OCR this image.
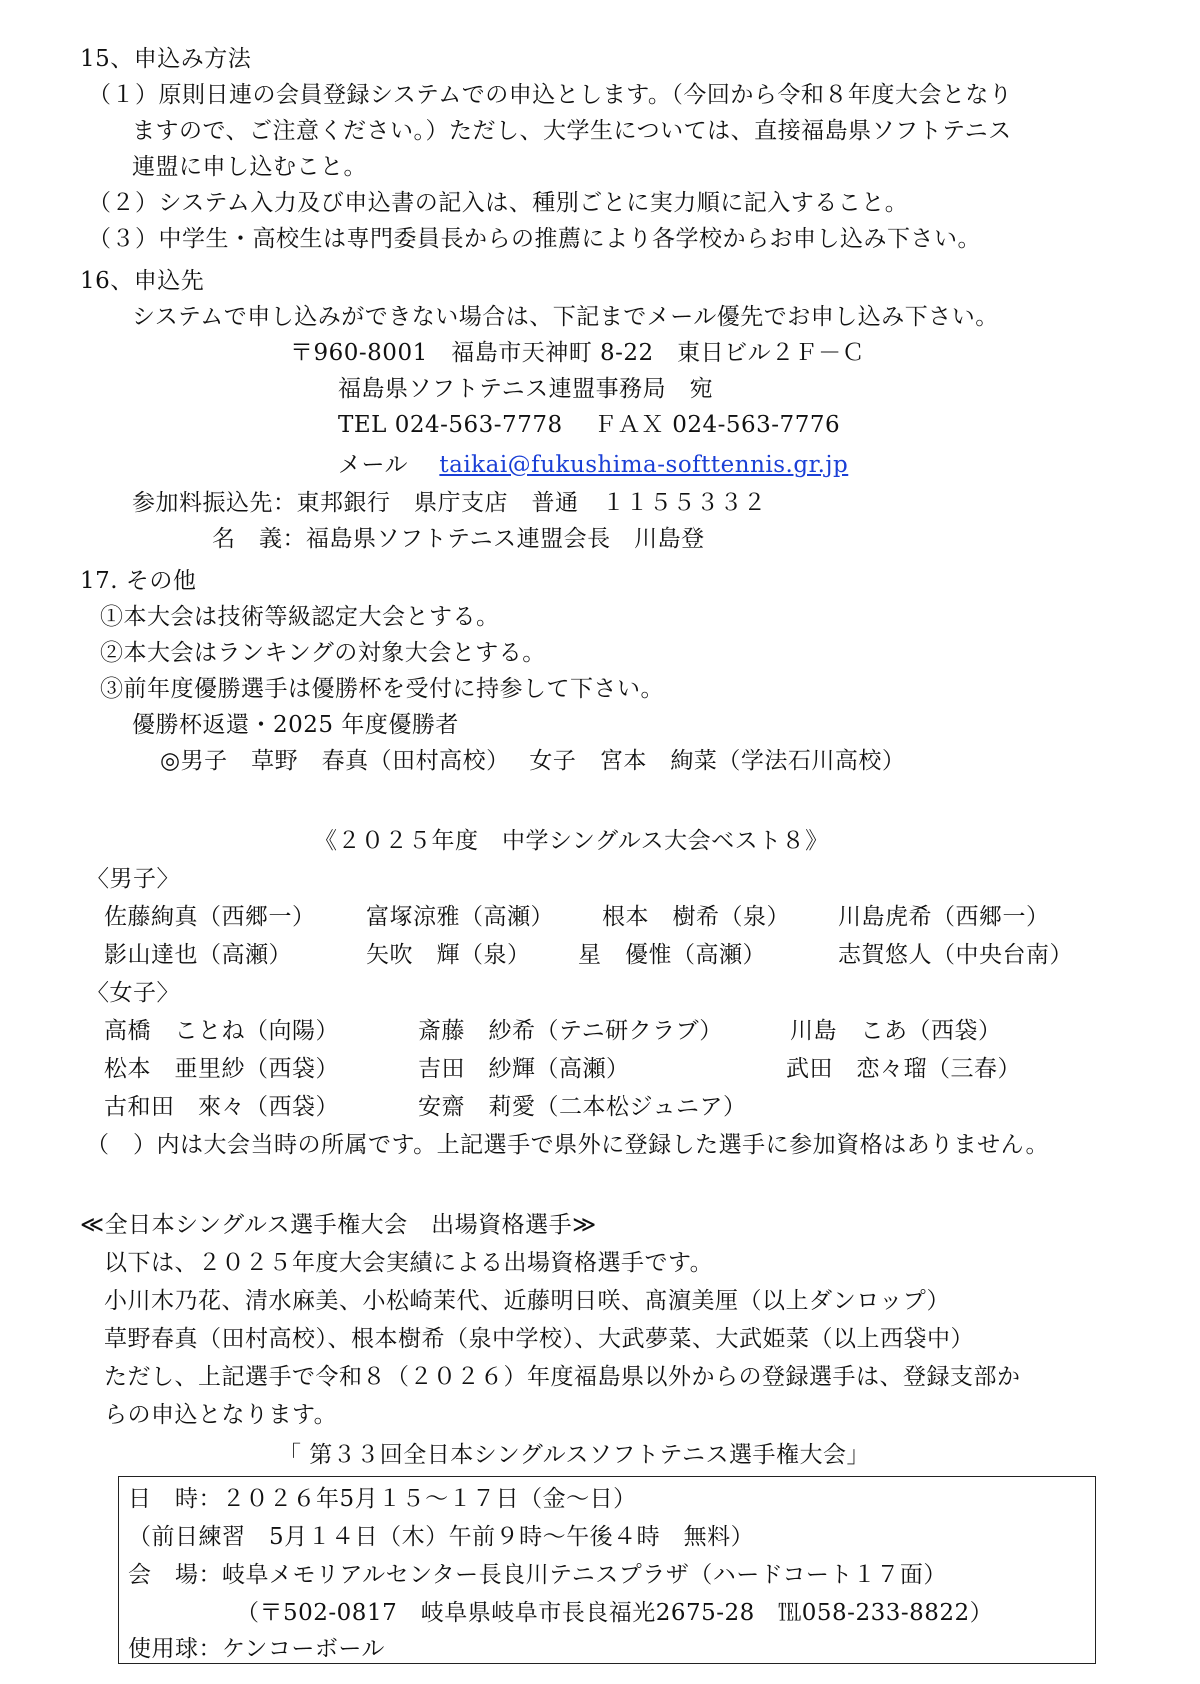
15、申込み方法
（１）原則日連の会員登録システムでの申込とします。（今回から令和８年度大会となり
ますので、ご注意ください。）ただし、大学生については、直接福島県ソフトテニス
連盟に申し込むこと。
（２）システム入力及び申込書の記入は、種別ごとに実力順に記入すること。
（３）中学生・高校生は専門委員長からの推薦により各学校からお申し込み下さい。
16、申込先
システムで申し込みができない場合は、下記までメール優先でお申し込み下さい。
〒960-8001　福島市天神町 8-22　東日ビル２Ｆ－Ｃ
福島県ソフトテニス連盟事務局　宛
TEL 024-563-7778　 ＦＡＸ 024-563-7776
メール　 taikai@fukushima-softtennis.gr.jp
参加料振込先：東邦銀行　県庁支店　普通　１１５５３３２
名　義：福島県ソフトテニス連盟会長　川島登
17. その他
①本大会は技術等級認定大会とする。
②本大会はランキングの対象大会とする。
③前年度優勝選手は優勝杯を受付に持参して下さい。
優勝杯返還・2025 年度優勝者
◎男子　草野　春真（田村高校）　 女子　宮本　絢菜（学法石川高校）
《２０２５年度　中学シングルス大会ベスト８》
〈男子〉
佐藤絢真（西郷一） 富塚涼雅（高瀬） 根本　樹希（泉） 川島虎希（西郷一）
影山達也（高瀬）	矢吹　輝（泉） 星　優惟（高瀬）	志賀悠人（中央台南）
〈女子〉
高橋　ことね（向陽）	斎藤　紗希（テニ研クラブ）	川島　こあ（西袋）
松本　亜里紗（西袋）	吉田　紗輝（高瀬）	武田　恋々瑠（三春）
古和田　來々（西袋）	安齋　莉愛（二本松ジュニア）
（　）内は大会当時の所属です。上記選手で県外に登録した選手に参加資格はありません。
≪全日本シングルス選手権大会　出場資格選手≫
以下は、２０２５年度大会実績による出場資格選手です。
小川木乃花、清水麻美、小松崎茉代、近藤明日咲、髙濵美厘（以上ダンロップ）
草野春真（田村高校）、根本樹希（泉中学校）、大武夢菜、大武姫菜（以上西袋中）
ただし、上記選手で令和８（２０２６）年度福島県以外からの登録選手は、登録支部か
らの申込となります。
「 第３３回全日本シングルスソフトテニス選手権大会」
日　時：２０２６年5月１５～１７日（金～日）
（前日練習　5月１４日（木）午前９時～午後４時　無料）
会　場：岐阜メモリアルセンター長良川テニスプラザ（ハードコート１７面）
（〒502-0817　岐阜県岐阜市長良福光2675-28　℡058-233-8822）
使用球：ケンコーボール
